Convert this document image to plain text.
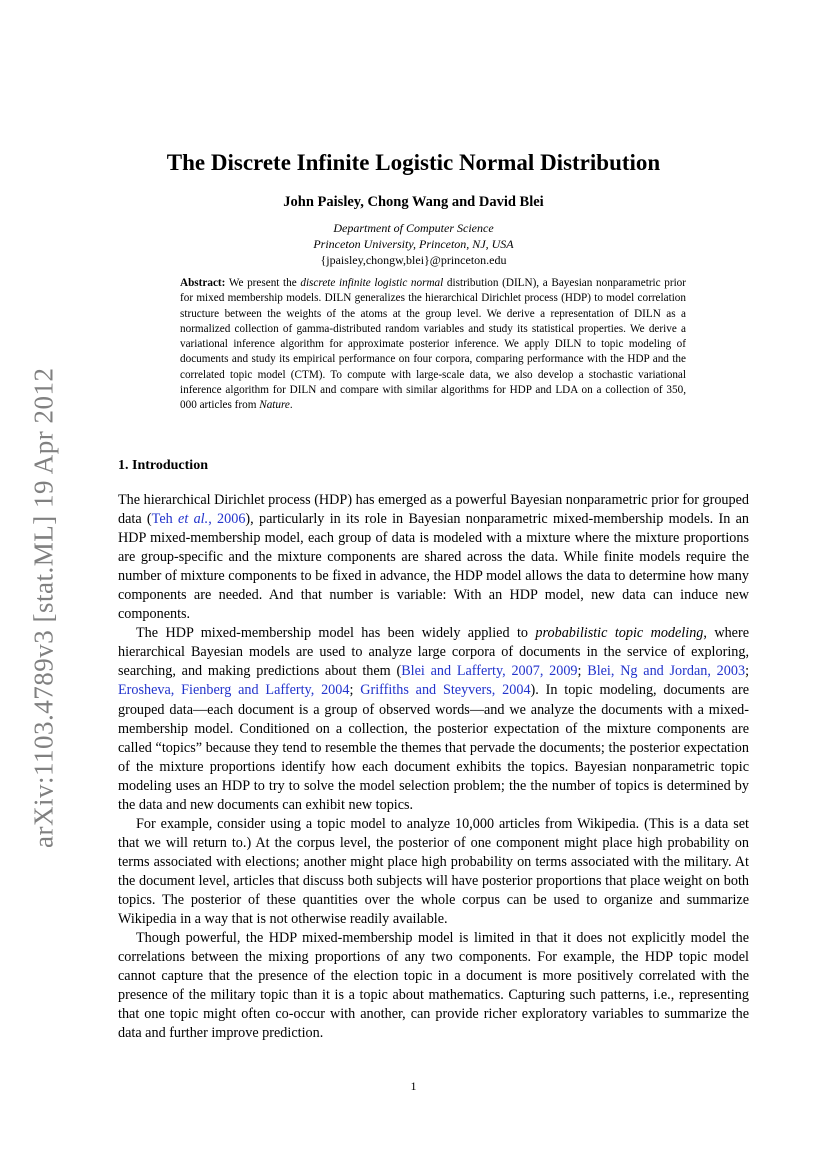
arXiv:1103.4789v3 [stat.ML] 19 Apr 2012
The Discrete Infinite Logistic Normal Distribution
John Paisley, Chong Wang and David Blei
Department of Computer Science
Princeton University, Princeton, NJ, USA
{jpaisley,chongw,blei}@princeton.edu
Abstract: We present the discrete infinite logistic normal distribution (DILN), a Bayesian nonparametric prior for mixed membership models. DILN generalizes the hierarchical Dirichlet process (HDP) to model correlation structure between the weights of the atoms at the group level. We derive a representation of DILN as a normalized collection of gamma-distributed random variables and study its statistical properties. We derive a variational inference algorithm for approximate posterior inference. We apply DILN to topic modeling of documents and study its empirical performance on four corpora, comparing performance with the HDP and the correlated topic model (CTM). To compute with large-scale data, we also develop a stochastic variational inference algorithm for DILN and compare with similar algorithms for HDP and LDA on a collection of 350, 000 articles from Nature.
1. Introduction

The hierarchical Dirichlet process (HDP) has emerged as a powerful Bayesian nonparametric prior for grouped data (Teh et al., 2006), particularly in its role in Bayesian nonparametric mixed-membership models. In an HDP mixed-membership model, each group of data is modeled with a mixture where the mixture proportions are group-specific and the mixture components are shared across the data. While finite models require the number of mixture components to be fixed in advance, the HDP model allows the data to determine how many components are needed. And that number is variable: With an HDP model, new data can induce new components.

The HDP mixed-membership model has been widely applied to probabilistic topic modeling, where hierarchical Bayesian models are used to analyze large corpora of documents in the service of exploring, searching, and making predictions about them (Blei and Lafferty, 2007, 2009; Blei, Ng and Jordan, 2003; Erosheva, Fienberg and Lafferty, 2004; Griffiths and Steyvers, 2004). In topic modeling, documents are grouped data—each document is a group of observed words—and we analyze the documents with a mixed-membership model. Conditioned on a collection, the posterior expectation of the mixture components are called “topics” because they tend to resemble the themes that pervade the documents; the posterior expectation of the mixture proportions identify how each document exhibits the topics. Bayesian nonparametric topic modeling uses an HDP to try to solve the model selection problem; the the number of topics is determined by the data and new documents can exhibit new topics.

For example, consider using a topic model to analyze 10,000 articles from Wikipedia. (This is a data set that we will return to.) At the corpus level, the posterior of one component might place high probability on terms associated with elections; another might place high probability on terms associated with the military. At the document level, articles that discuss both subjects will have posterior proportions that place weight on both topics. The posterior of these quantities over the whole corpus can be used to organize and summarize Wikipedia in a way that is not otherwise readily available.

Though powerful, the HDP mixed-membership model is limited in that it does not explicitly model the correlations between the mixing proportions of any two components. For example, the HDP topic model cannot capture that the presence of the election topic in a document is more positively correlated with the presence of the military topic than it is a topic about mathematics. Capturing such patterns, i.e., representing that one topic might often co-occur with another, can provide richer exploratory variables to summarize the data and further improve prediction.

1
